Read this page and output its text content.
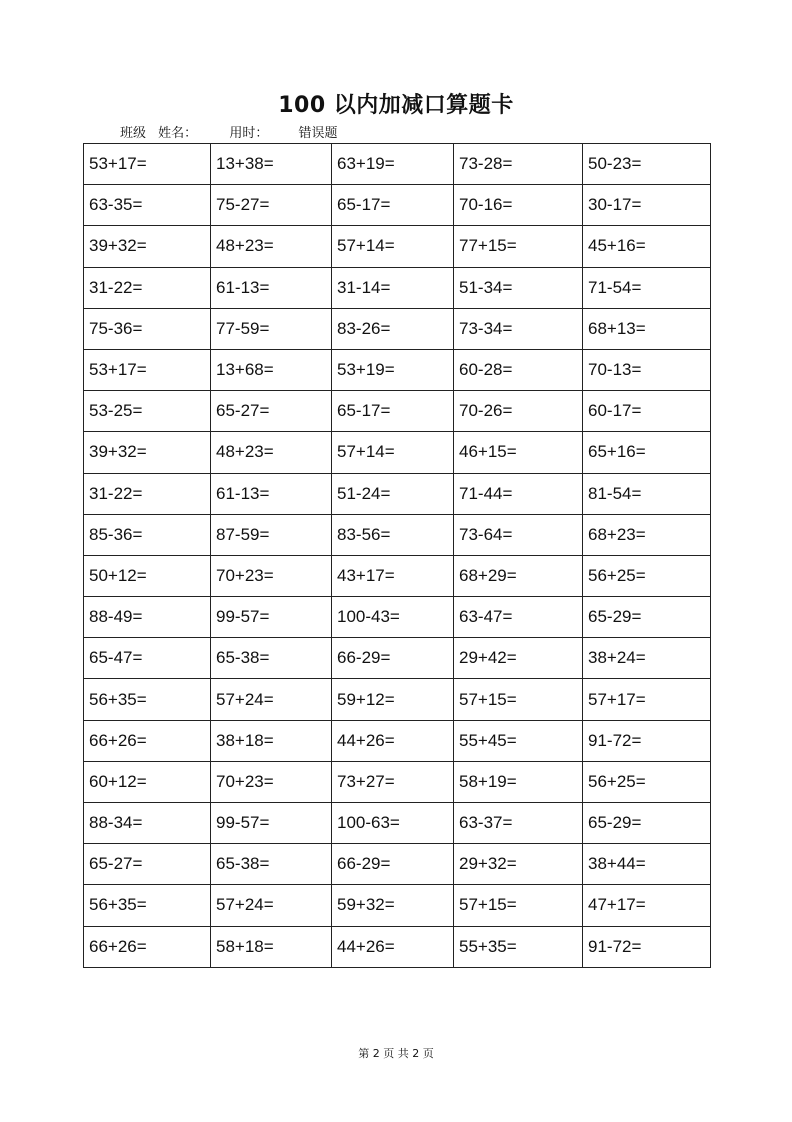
100 以内加减口算题卡
班级 姓名： 用时： 错误题
53+17=	13+38=	63+19=	73-28=	50-23=
63-35=	75-27=	65-17=	70-16=	30-17=
39+32=	48+23=	57+14=	77+15=	45+16=
31-22=	61-13=	31-14=	51-34=	71-54=
75-36=	77-59=	83-26=	73-34=	68+13=
53+17=	13+68=	53+19=	60-28=	70-13=
53-25=	65-27=	65-17=	70-26=	60-17=
39+32=	48+23=	57+14=	46+15=	65+16=
31-22=	61-13=	51-24=	71-44=	81-54=
85-36=	87-59=	83-56=	73-64=	68+23=
50+12=	70+23=	43+17=	68+29=	56+25=
88-49=	99-57=	100-43=	63-47=	65-29=
65-47=	65-38=	66-29=	29+42=	38+24=
56+35=	57+24=	59+12=	57+15=	57+17=
66+26=	38+18=	44+26=	55+45=	91-72=
60+12=	70+23=	73+27=	58+19=	56+25=
88-34=	99-57=	100-63=	63-37=	65-29=
65-27=	65-38=	66-29=	29+32=	38+44=
56+35=	57+24=	59+32=	57+15=	47+17=
66+26=	58+18=	44+26=	55+35=	91-72=
第 2 页 共 2 页
